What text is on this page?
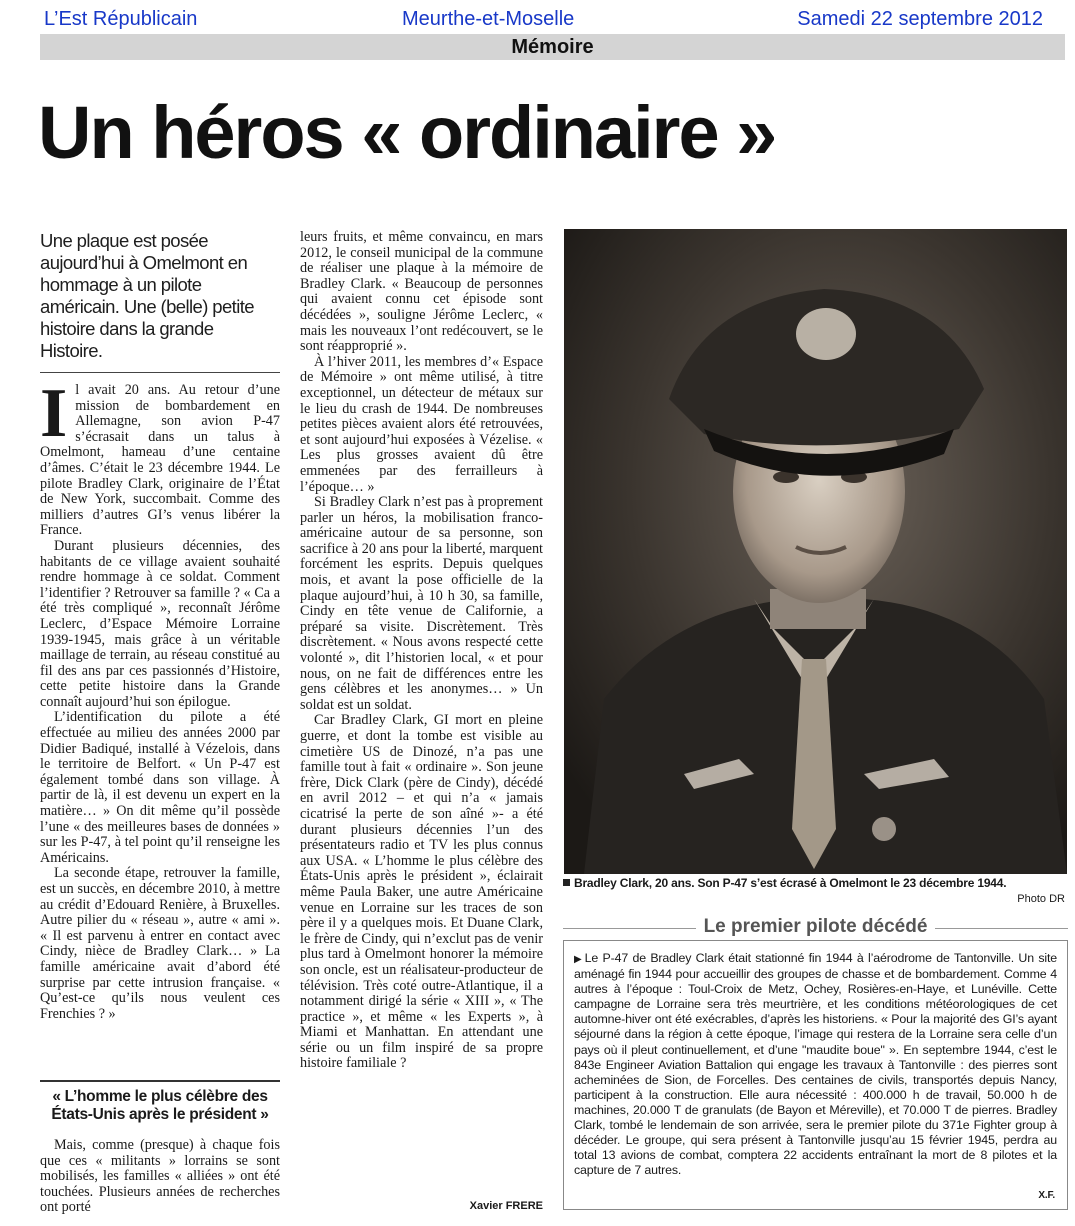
L’Est Républicain	Meurthe-et-Moselle	Samedi 22 septembre 2012
Mémoire
Un héros « ordinaire »
Une plaque est posée aujourd’hui à Omelmont en hommage à un pilote américain. Une (belle) petite histoire dans la grande Histoire.

Il avait 20 ans. Au retour d’une mission de bombardement en Allemagne, son avion P-47 s’écrasait dans un talus à Omelmont, hameau d’une centaine d’âmes. C’était le 23 décembre 1944. Le pilote Bradley Clark, originaire de l’État de New York, succombait. Comme des milliers d’autres GI’s venus libérer la France.

Durant plusieurs décennies, des habitants de ce village avaient souhaité rendre hommage à ce soldat. Comment l’identifier ? Retrouver sa famille ? « Ca a été très compliqué », reconnaît Jérôme Leclerc, d’Espace Mémoire Lorraine 1939-1945, mais grâce à un véritable maillage de terrain, au réseau constitué au fil des ans par ces passionnés d’Histoire, cette petite histoire dans la Grande connaît aujourd’hui son épilogue.

L’identification du pilote a été effectuée au milieu des années 2000 par Didier Badiqué, installé à Vézelois, dans le territoire de Belfort. « Un P-47 est également tombé dans son village. À partir de là, il est devenu un expert en la matière… » On dit même qu’il possède l’une « des meilleures bases de données » sur les P-47, à tel point qu’il renseigne les Américains.

La seconde étape, retrouver la famille, est un succès, en décembre 2010, à mettre au crédit d’Edouard Renière, à Bruxelles. Autre pilier du « réseau », autre « ami ». « Il est parvenu à entrer en contact avec Cindy, nièce de Bradley Clark… » La famille américaine avait d’abord été surprise par cette intrusion française. « Qu’est-ce qu’ils nous veulent ces Frenchies ? »

« L’homme le plus célèbre des États-Unis après le président »

Mais, comme (presque) à chaque fois que ces « militants » lorrains se sont mobilisés, les familles « alliées » ont été touchées. Plusieurs années de recherches ont porté

leurs fruits, et même convaincu, en mars 2012, le conseil municipal de la commune de réaliser une plaque à la mémoire de Bradley Clark. « Beaucoup de personnes qui avaient connu cet épisode sont décédées », souligne Jérôme Leclerc, « mais les nouveaux l’ont redécouvert, se le sont réapproprié ».

À l’hiver 2011, les membres d’« Espace de Mémoire » ont même utilisé, à titre exceptionnel, un détecteur de métaux sur le lieu du crash de 1944. De nombreuses petites pièces avaient alors été retrouvées, et sont aujourd’hui exposées à Vézelise. « Les plus grosses avaient dû être emmenées par des ferrailleurs à l’époque… »

Si Bradley Clark n’est pas à proprement parler un héros, la mobilisation franco-américaine autour de sa personne, son sacrifice à 20 ans pour la liberté, marquent forcément les esprits. Depuis quelques mois, et avant la pose officielle de la plaque aujourd’hui, à 10 h 30, sa famille, Cindy en tête venue de Californie, a préparé sa visite. Discrètement. Très discrètement. « Nous avons respecté cette volonté », dit l’historien local, « et pour nous, on ne fait de différences entre les gens célèbres et les anonymes… » Un soldat est un soldat.

Car Bradley Clark, GI mort en pleine guerre, et dont la tombe est visible au cimetière US de Dinozé, n’a pas une famille tout à fait « ordinaire ». Son jeune frère, Dick Clark (père de Cindy), décédé en avril 2012 – et qui n’a « jamais cicatrisé la perte de son aîné »- a été durant plusieurs décennies l’un des présentateurs radio et TV les plus connus aux USA. « L’homme le plus célèbre des États-Unis après le président », éclairait même Paula Baker, une autre Américaine venue en Lorraine sur les traces de son père il y a quelques mois. Et Duane Clark, le frère de Cindy, qui n’exclut pas de venir plus tard à Omelmont honorer la mémoire son oncle, est un réalisateur-producteur de télévision. Très coté outre-Atlantique, il a notamment dirigé la série « XIII », « The practice », et même « les Experts », à Miami et Manhattan. En attendant une série ou un film inspiré de sa propre histoire familiale ?

Xavier FRERE
Bradley Clark, 20 ans. Son P-47 s’est écrasé à Omelmont le 23 décembre 1944.
Photo DR
Le premier pilote décédé

▶ Le P-47 de Bradley Clark était stationné fin 1944 à l’aérodrome de Tantonville. Un site aménagé fin 1944 pour accueillir des groupes de chasse et de bombardement. Comme 4 autres à l’époque : Toul-Croix de Metz, Ochey, Rosières-en-Haye, et Lunéville. Cette campagne de Lorraine sera très meurtrière, et les conditions météorologiques de cet automne-hiver ont été exécrables, d’après les historiens. « Pour la majorité des GI’s ayant séjourné dans la région à cette époque, l’image qui restera de la Lorraine sera celle d’un pays où il pleut continuellement, et d’une "maudite boue" ». En septembre 1944, c’est le 843e Engineer Aviation Battalion qui engage les travaux à Tantonville : des pierres sont acheminées de Sion, de Forcelles. Des centaines de civils, transportés depuis Nancy, participent à la construction. Elle aura nécessité : 400.000 h de travail, 50.000 h de machines, 20.000 T de granulats (de Bayon et Méreville), et 70.000 T de pierres. Bradley Clark, tombé le lendemain de son arrivée, sera le premier pilote du 371e Fighter group à décéder. Le groupe, qui sera présent à Tantonville jusqu’au 15 février 1945, perdra au total 13 avions de combat, comptera 22 accidents entraînant la mort de 8 pilotes et la capture de 7 autres.

X.F.
